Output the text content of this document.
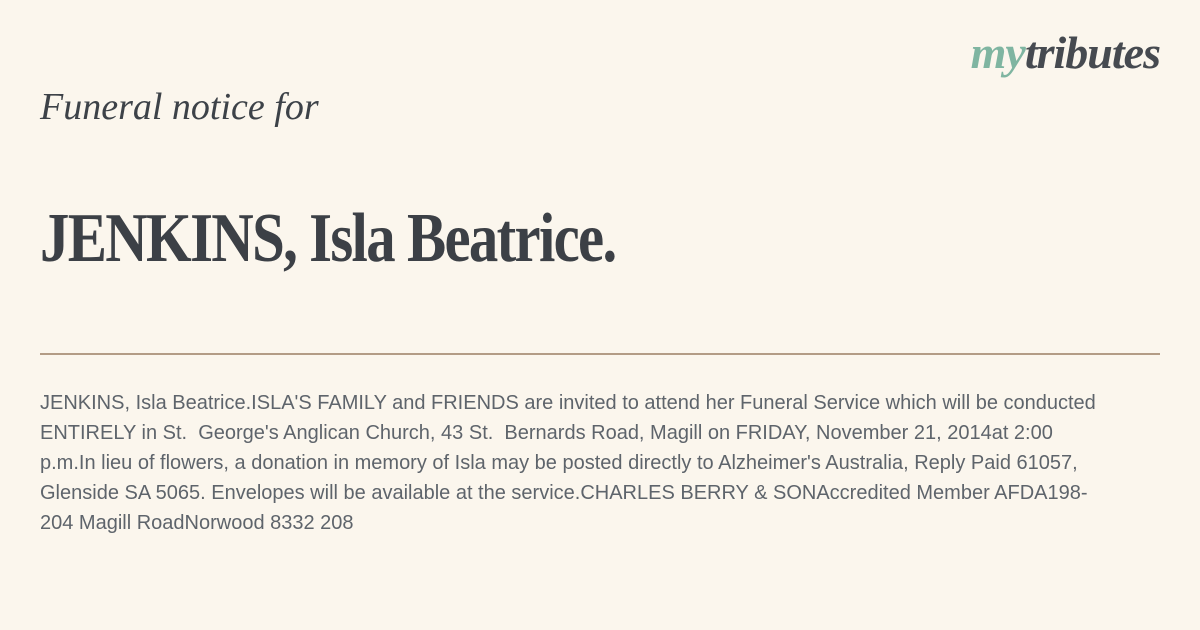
mytributes
Funeral notice for
JENKINS, Isla Beatrice.

JENKINS, Isla Beatrice.ISLA'S FAMILY and FRIENDS are invited to attend her Funeral Service which will be conducted ENTIRELY in St.  George's Anglican Church, 43 St.  Bernards Road, Magill on FRIDAY, November 21, 2014at 2:00 p.m.In lieu of flowers, a donation in memory of Isla may be posted directly to Alzheimer's Australia, Reply Paid 61057, Glenside SA 5065. Envelopes will be available at the service.CHARLES BERRY & SONAccredited Member AFDA198-204 Magill RoadNorwood 8332 208
